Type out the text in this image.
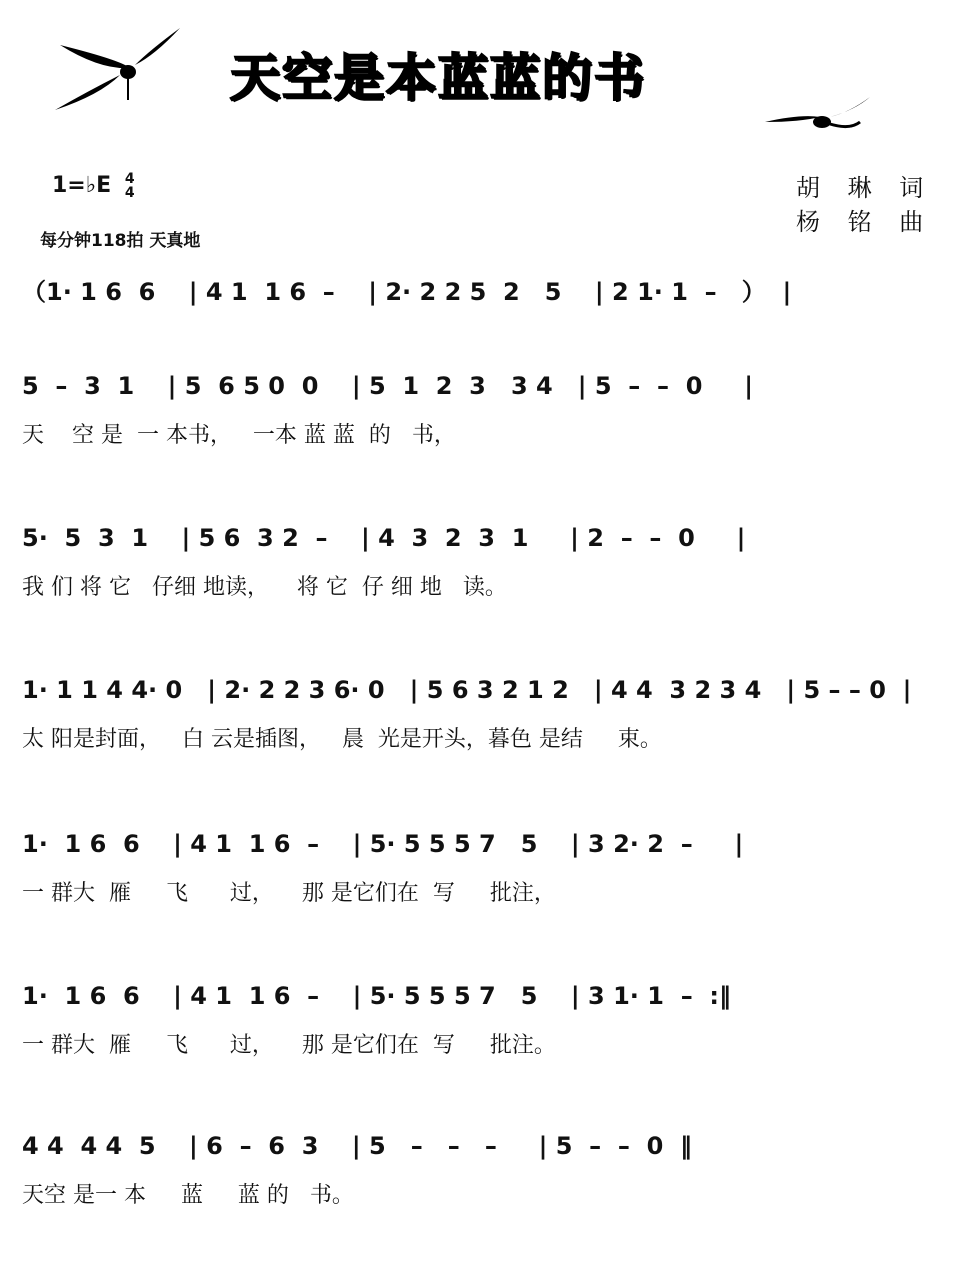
天空是本蓝蓝的书
1=♭E 4
4
每分钟118拍 天真地
胡 琳 词
杨 铭 曲
（1· 1 6  6    | 4 1  1 6  –    | 2· 2 2 5  2   5    | 2 1· 1  –   ）  |
5  –  3  1    | 5  6 5 0  0    | 5  1  2  3   3 4   | 5  –  –  0     |
天    空 是  一 本书，   一本 蓝 蓝  的   书，
5·  5  3  1    | 5 6  3 2  –    | 4  3  2  3  1     | 2  –  –  0     |
我 们 将 它   仔细 地读，    将 它  仔 细 地   读。
1· 1 1 4 4· 0   | 2· 2 2 3 6· 0   | 5 6 3 2 1 2   | 4 4  3 2 3 4   | 5 – – 0  |
太 阳是封面，   白 云是插图，   晨  光是开头，暮色 是结     束。
1·  1 6  6    | 4 1  1 6  –    | 5· 5 5 5 7   5    | 3 2· 2  –     |
一 群大  雁     飞      过，    那 是它们在  写     批注，
1·  1 6  6    | 4 1  1 6  –    | 5· 5 5 5 7   5    | 3 1· 1  –  :‖
一 群大  雁     飞      过，    那 是它们在  写     批注。
4 4  4 4  5    | 6  –  6  3    | 5   –   –   –     | 5  –  –  0  ‖
天空 是一 本     蓝     蓝 的   书。
